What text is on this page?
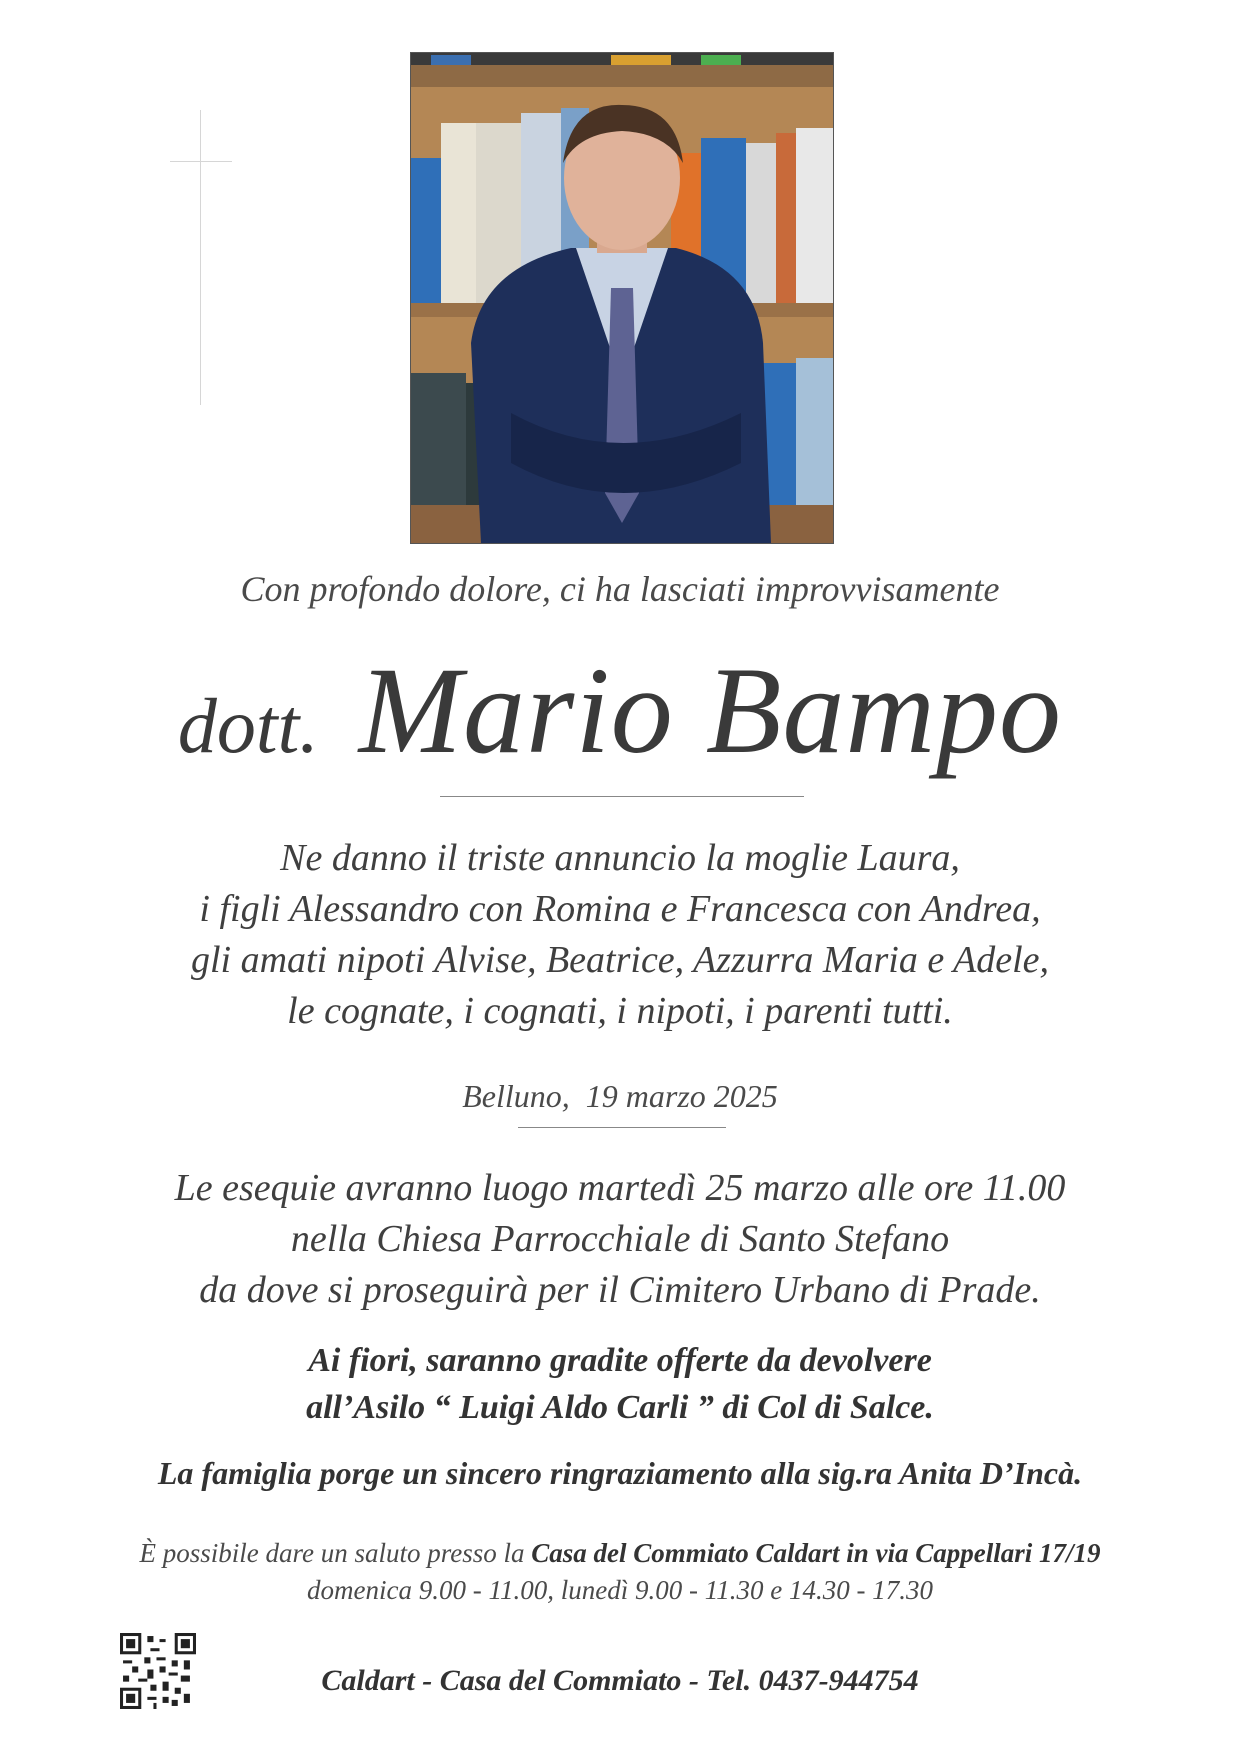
Con profondo dolore, ci ha lasciati improvvisamente
dott. Mario Bampo
Ne danno il triste annuncio la moglie Laura,
i figli Alessandro con Romina e Francesca con Andrea,
gli amati nipoti Alvise, Beatrice, Azzurra Maria e Adele,
le cognate, i cognati, i nipoti, i parenti tutti.
Belluno,  19 marzo 2025
Le esequie avranno luogo martedì 25 marzo alle ore 11.00
nella Chiesa Parrocchiale di Santo Stefano
da dove si proseguirà per il Cimitero Urbano di Prade.
Ai fiori, saranno gradite offerte da devolvere
all’Asilo “ Luigi Aldo Carli ” di Col di Salce.
La famiglia porge un sincero ringraziamento alla sig.ra Anita D’Incà.
È possibile dare un saluto presso la Casa del Commiato Caldart in via Cappellari 17/19
domenica 9.00 - 11.00, lunedì 9.00 - 11.30 e 14.30 - 17.30
Caldart - Casa del Commiato - Tel. 0437-944754
